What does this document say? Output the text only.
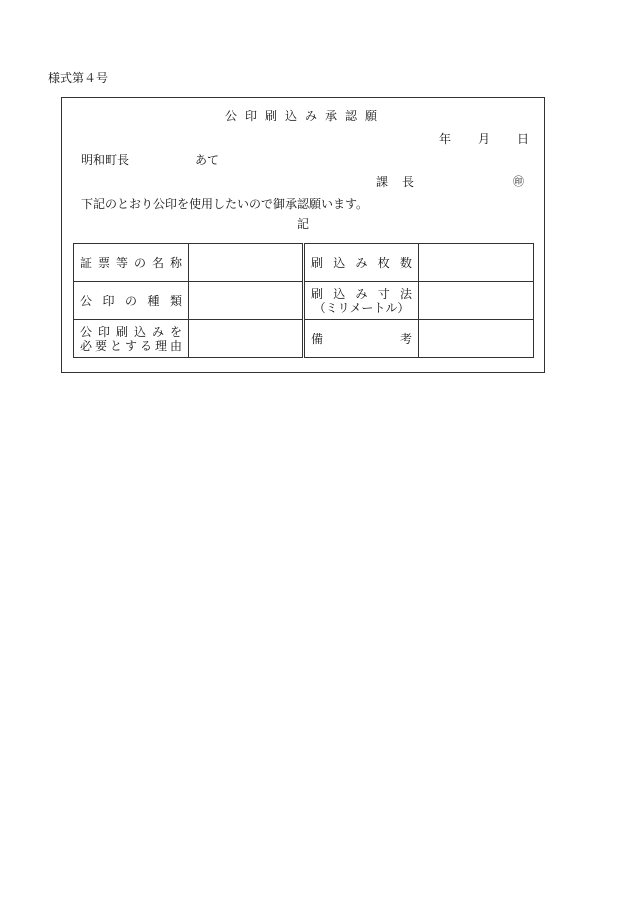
様式第４号
公印刷込み承認願
年 月 日
明和町長	あて
課長	㊞
下記のとおり公印を使用したいので御承認願います。
記
証票等の名称		刷込み枚数	

公印の種類		刷込み寸法
（ミリメートル）	

公印刷込みを
必要とする理由		備考	
